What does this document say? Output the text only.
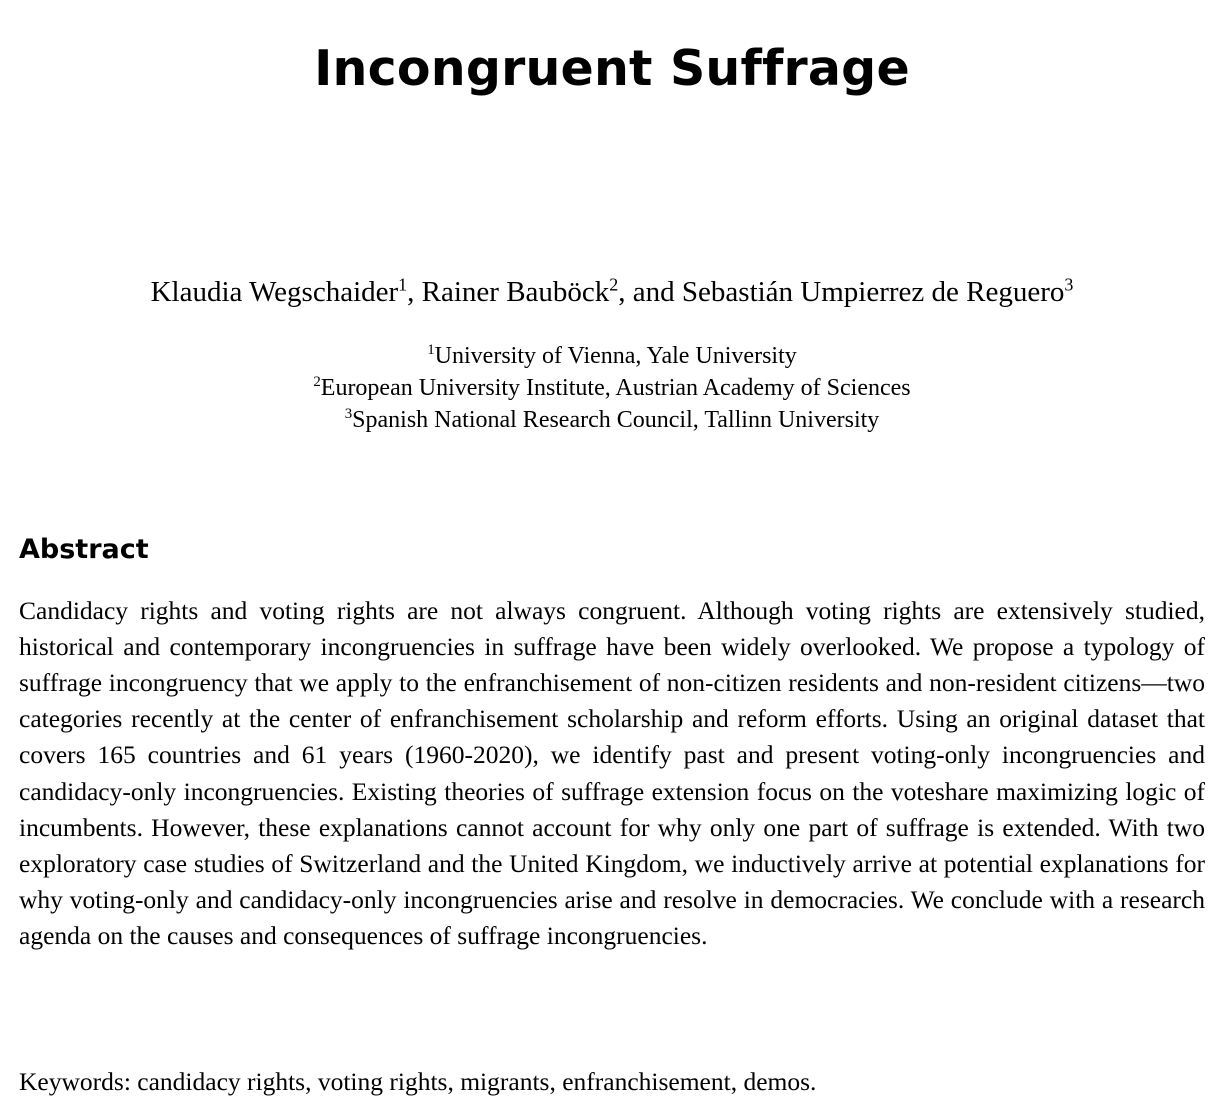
Incongruent Suffrage
Klaudia Wegschaider$^1$, Rainer Bauböck$^2$, and Sebastián Umpierrez de Reguero$^3$
$^1$University of Vienna, Yale University
$^2$European University Institute, Austrian Academy of Sciences
$^3$Spanish National Research Council, Tallinn University
Abstract

Candidacy rights and voting rights are not always congruent. Although voting rights are extensively studied, historical and contemporary incongruencies in suffrage have been widely overlooked. We propose a typology of suffrage incongruency that we apply to the enfranchisement of non-citizen residents and non-resident citizens—two categories recently at the center of enfranchisement scholarship and reform efforts. Using an original dataset that covers 165 countries and 61 years (1960-2020), we identify past and present voting-only incongruencies and candidacy-only incongruencies. Existing theories of suffrage extension focus on the voteshare maximizing logic of incumbents. However, these explanations cannot account for why only one part of suffrage is extended. With two exploratory case studies of Switzerland and the United Kingdom, we inductively arrive at potential explanations for why voting-only and candidacy-only incongruencies arise and resolve in democracies. We conclude with a research agenda on the causes and consequences of suffrage incongruencies.

Keywords: candidacy rights, voting rights, migrants, enfranchisement, demos.
